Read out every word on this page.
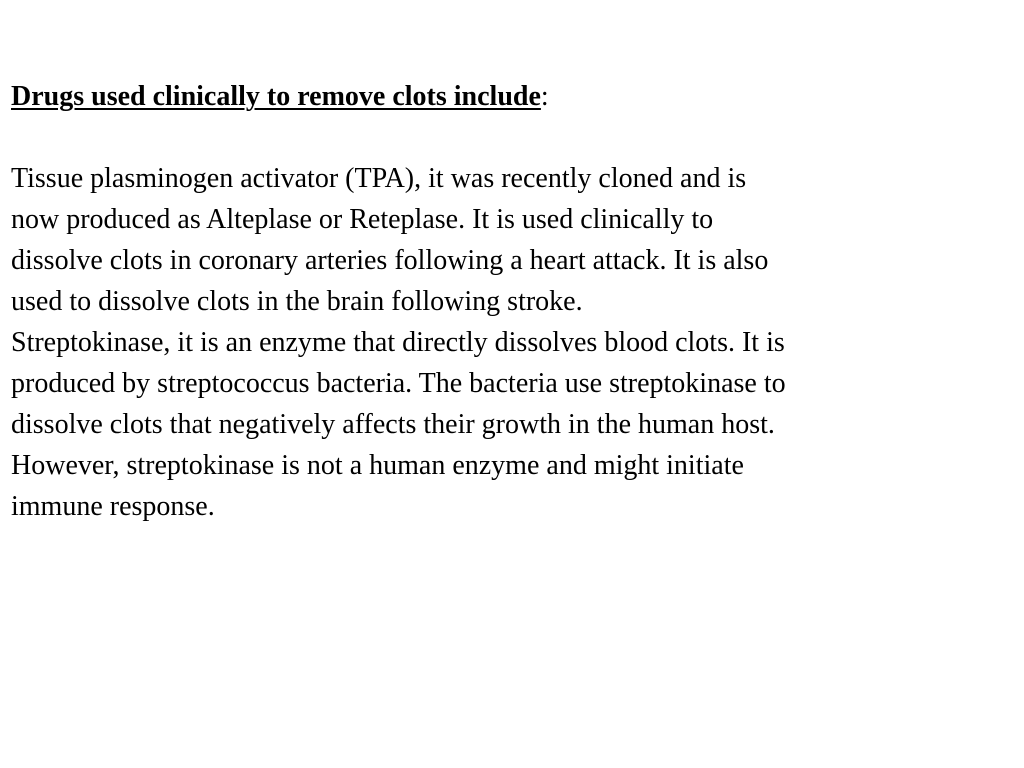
Drugs used clinically to remove clots include:

Tissue plasminogen activator (TPA), it was recently cloned and is

now produced as Alteplase or Reteplase. It is used clinically to

dissolve clots in coronary arteries following a heart attack. It is also

used to dissolve clots in the brain following stroke.

Streptokinase, it is an enzyme that directly dissolves blood clots. It is

produced by streptococcus bacteria. The bacteria use streptokinase to

dissolve clots that negatively affects their growth in the human host.

However, streptokinase is not a human enzyme and might initiate

immune response.
